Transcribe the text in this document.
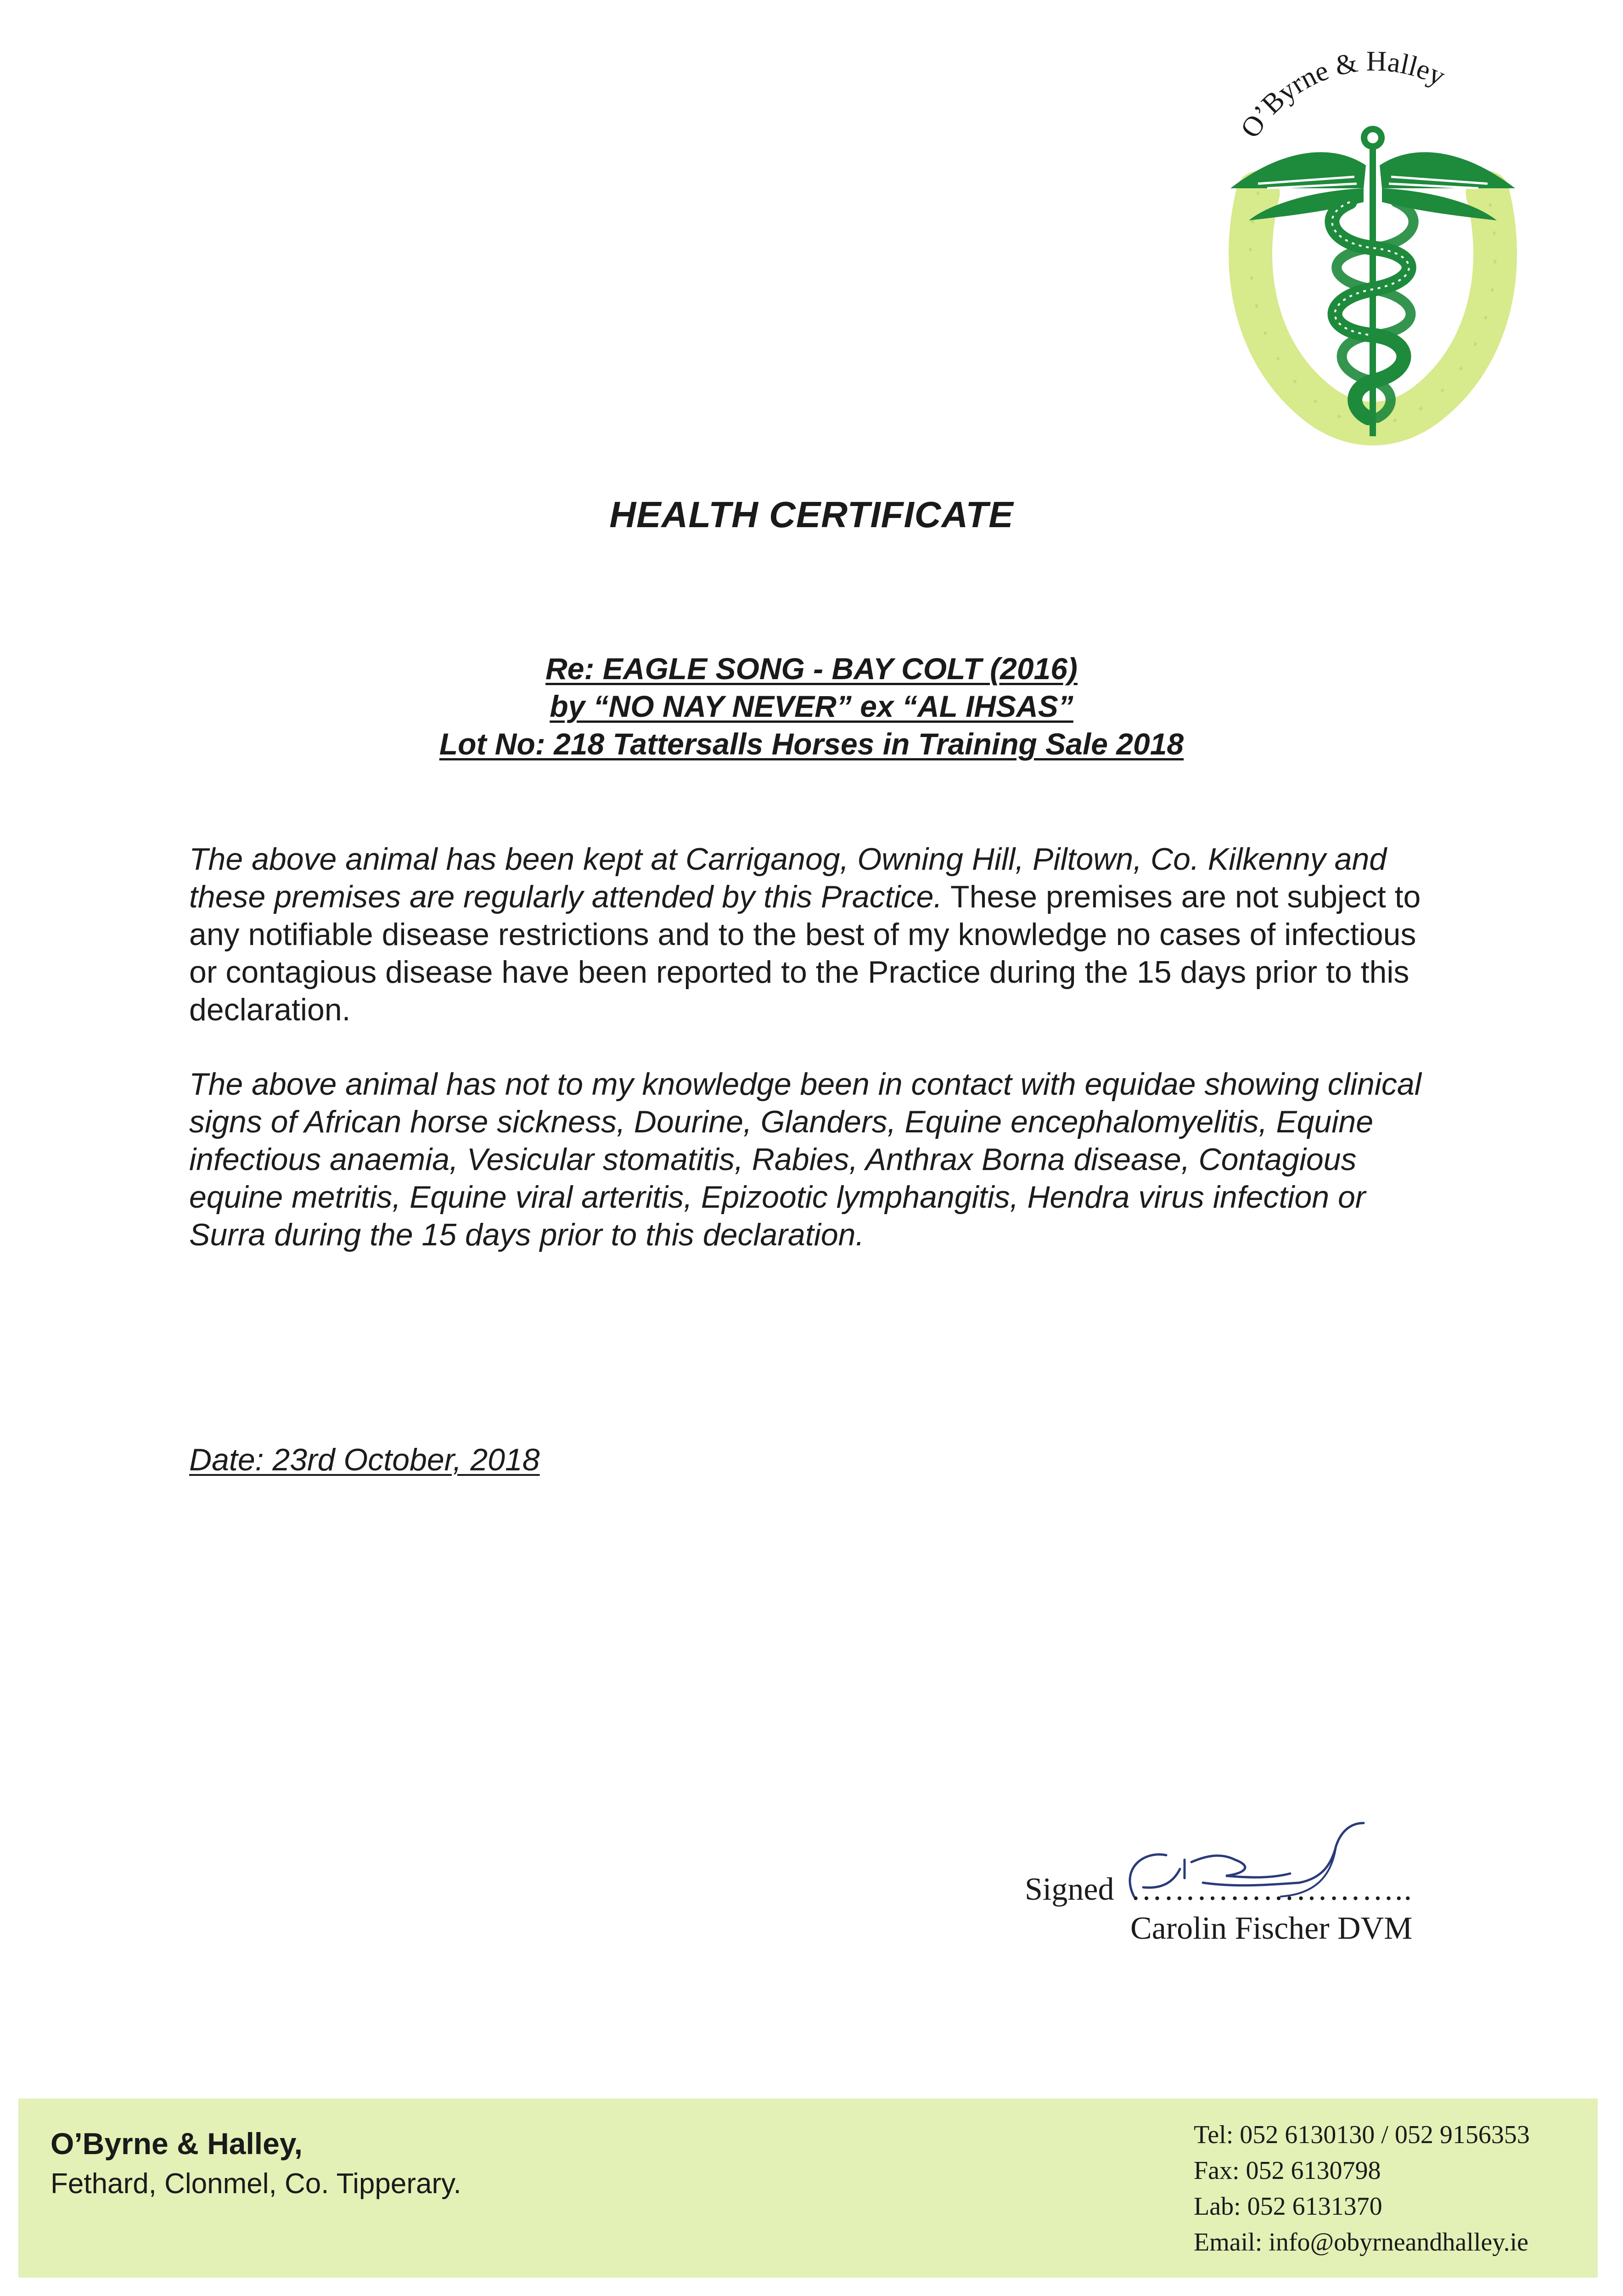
O’Byrne & Halley
HEALTH CERTIFICATE
Re: EAGLE SONG - BAY COLT (2016)
by “NO NAY NEVER” ex “AL IHSAS”
Lot No: 218 Tattersalls Horses in Training Sale 2018
The above animal has been kept at Carriganog, Owning Hill, Piltown, Co. Kilkenny and these premises are regularly attended by this Practice. These premises are not subject to any notifiable disease restrictions and to the best of my knowledge no cases of infectious or contagious disease have been reported to the Practice during the 15 days prior to this declaration.
The above animal has not to my knowledge been in contact with equidae showing clinical signs of African horse sickness, Dourine, Glanders, Equine encephalomyelitis, Equine infectious anaemia, Vesicular stomatitis, Rabies, Anthrax Borna disease, Contagious equine metritis, Equine viral arteritis, Epizootic lymphangitis, Hendra virus infection or Surra during the 15 days prior to this declaration.
Date: 23rd October, 2018
Signed ……………………..
Carolin Fischer DVM
O’Byrne & Halley,
Fethard, Clonmel, Co. Tipperary.
Tel: 052 6130130 / 052 9156353
Fax: 052 6130798
Lab: 052 6131370
Email: info@obyrneandhalley.ie
